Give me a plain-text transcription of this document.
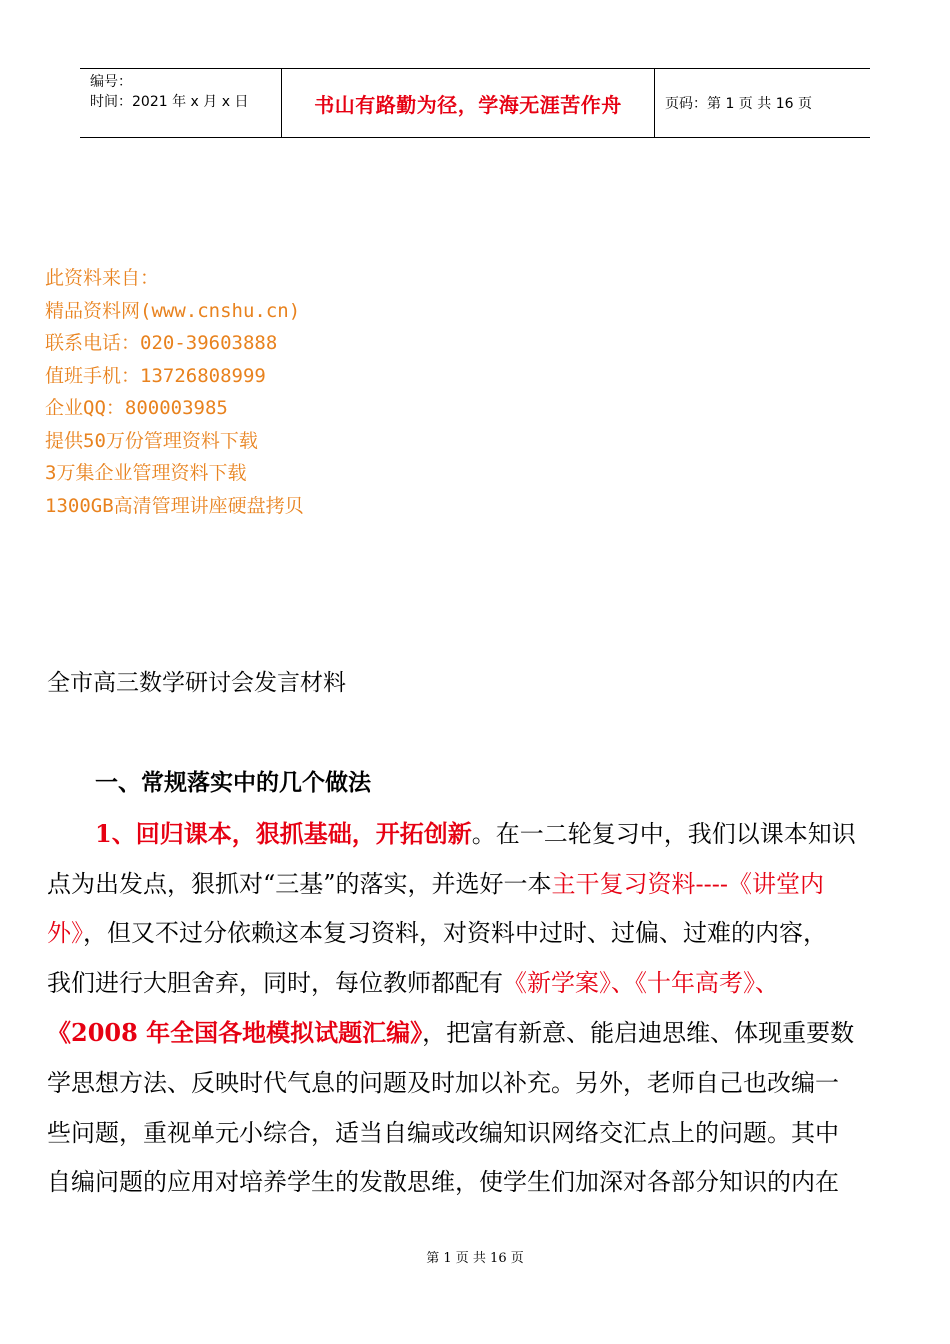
编号：
时间：2021 年 x 月 x 日	书山有路勤为径，学海无涯苦作舟	页码：第 1 页 共 16 页
此资料来自：
精品资料网(www.cnshu.cn)
联系电话：020-39603888
值班手机：13726808999
企业QQ：800003985
提供50万份管理资料下载
3万集企业管理资料下载
1300GB高清管理讲座硬盘拷贝
全市高三数学研讨会发言材料
一、常规落实中的几个做法
1、回归课本，狠抓基础，开拓创新。在一二轮复习中，我们以课本知识
点为出发点，狠抓对“三基”的落实，并选好一本主干复习资料----《讲堂内
外》，但又不过分依赖这本复习资料，对资料中过时、过偏、过难的内容，
我们进行大胆舍弃，同时，每位教师都配有《新学案》、《十年高考》、
《2008 年全国各地模拟试题汇编》，把富有新意、能启迪思维、体现重要数
学思想方法、反映时代气息的问题及时加以补充。另外，老师自己也改编一
些问题，重视单元小综合，适当自编或改编知识网络交汇点上的问题。其中
自编问题的应用对培养学生的发散思维，使学生们加深对各部分知识的内在
第 1 页 共 16 页
